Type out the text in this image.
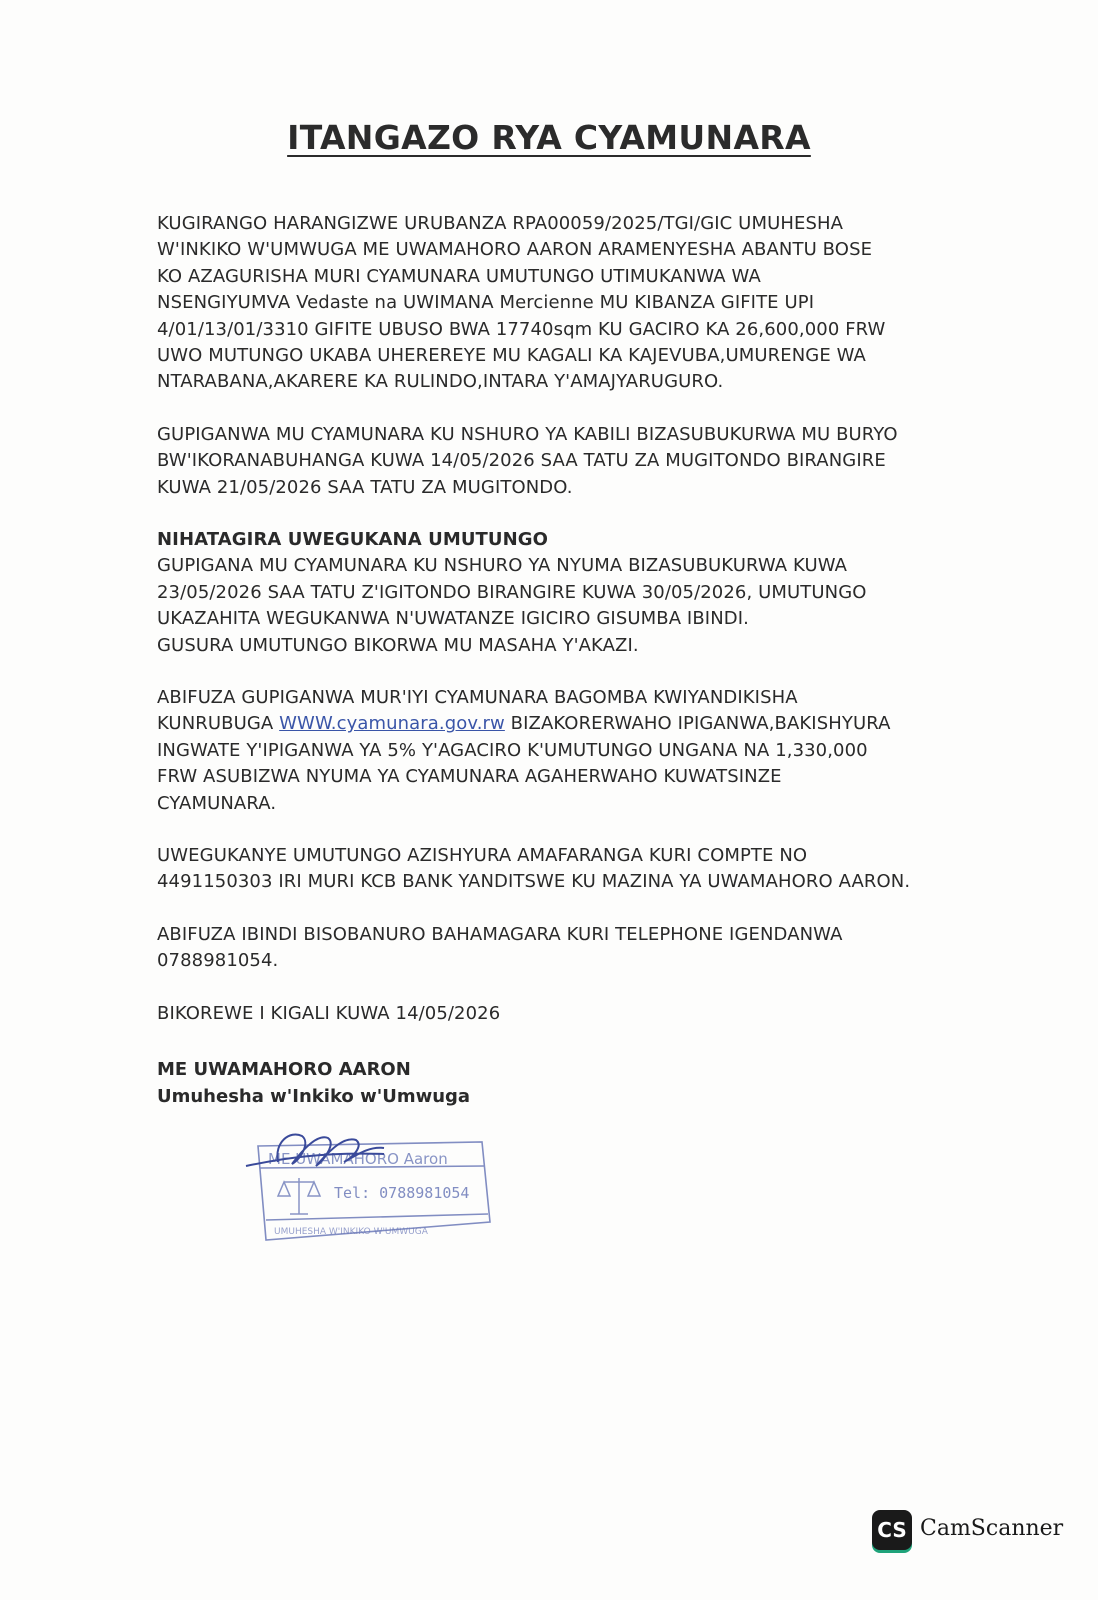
ITANGAZO RYA CYAMUNARA
KUGIRANGO HARANGIZWE URUBANZA RPA00059/2025/TGI/GIC UMUHESHA
W'INKIKO W'UMWUGA ME UWAMAHORO AARON ARAMENYESHA ABANTU BOSE
KO AZAGURISHA MURI CYAMUNARA UMUTUNGO UTIMUKANWA WA
NSENGIYUMVA Vedaste na UWIMANA Mercienne MU KIBANZA GIFITE UPI
4/01/13/01/3310 GIFITE UBUSO BWA 17740sqm KU GACIRO KA 26,600,000 FRW
UWO MUTUNGO UKABA UHEREREYE MU KAGALI KA KAJEVUBA,UMURENGE WA
NTARABANA,AKARERE KA RULINDO,INTARA Y'AMAJYARUGURO.
GUPIGANWA MU CYAMUNARA KU NSHURO YA KABILI BIZASUBUKURWA MU BURYO
BW'IKORANABUHANGA KUWA 14/05/2026 SAA TATU ZA MUGITONDO BIRANGIRE
KUWA 21/05/2026 SAA TATU ZA MUGITONDO.
NIHATAGIRA UWEGUKANA UMUTUNGO
GUPIGANA MU CYAMUNARA KU NSHURO YA NYUMA BIZASUBUKURWA KUWA
23/05/2026 SAA TATU Z'IGITONDO BIRANGIRE KUWA 30/05/2026, UMUTUNGO
UKAZAHITA WEGUKANWA N'UWATANZE IGICIRO GISUMBA IBINDI.
GUSURA UMUTUNGO BIKORWA MU MASAHA Y'AKAZI.
ABIFUZA GUPIGANWA MUR'IYI CYAMUNARA BAGOMBA KWIYANDIKISHA
KUNRUBUGA WWW.cyamunara.gov.rw BIZAKORERWAHO IPIGANWA,BAKISHYURA
INGWATE Y'IPIGANWA YA 5% Y'AGACIRO K'UMUTUNGO UNGANA NA 1,330,000
FRW ASUBIZWA NYUMA YA CYAMUNARA AGAHERWAHO KUWATSINZE
CYAMUNARA.
UWEGUKANYE UMUTUNGO AZISHYURA AMAFARANGA KURI COMPTE NO
4491150303 IRI MURI KCB BANK YANDITSWE KU MAZINA YA UWAMAHORO AARON.
ABIFUZA IBINDI BISOBANURO BAHAMAGARA KURI TELEPHONE IGENDANWA
0788981054.
BIKOREWE I KIGALI KUWA 14/05/2026
ME UWAMAHORO AARON
Umuhesha w'Inkiko w'Umwuga
ME UWAMAHORO Aaron
Tel: 0788981054
UMUHESHA W'INKIKO W'UMWUGA
CS CamScanner
